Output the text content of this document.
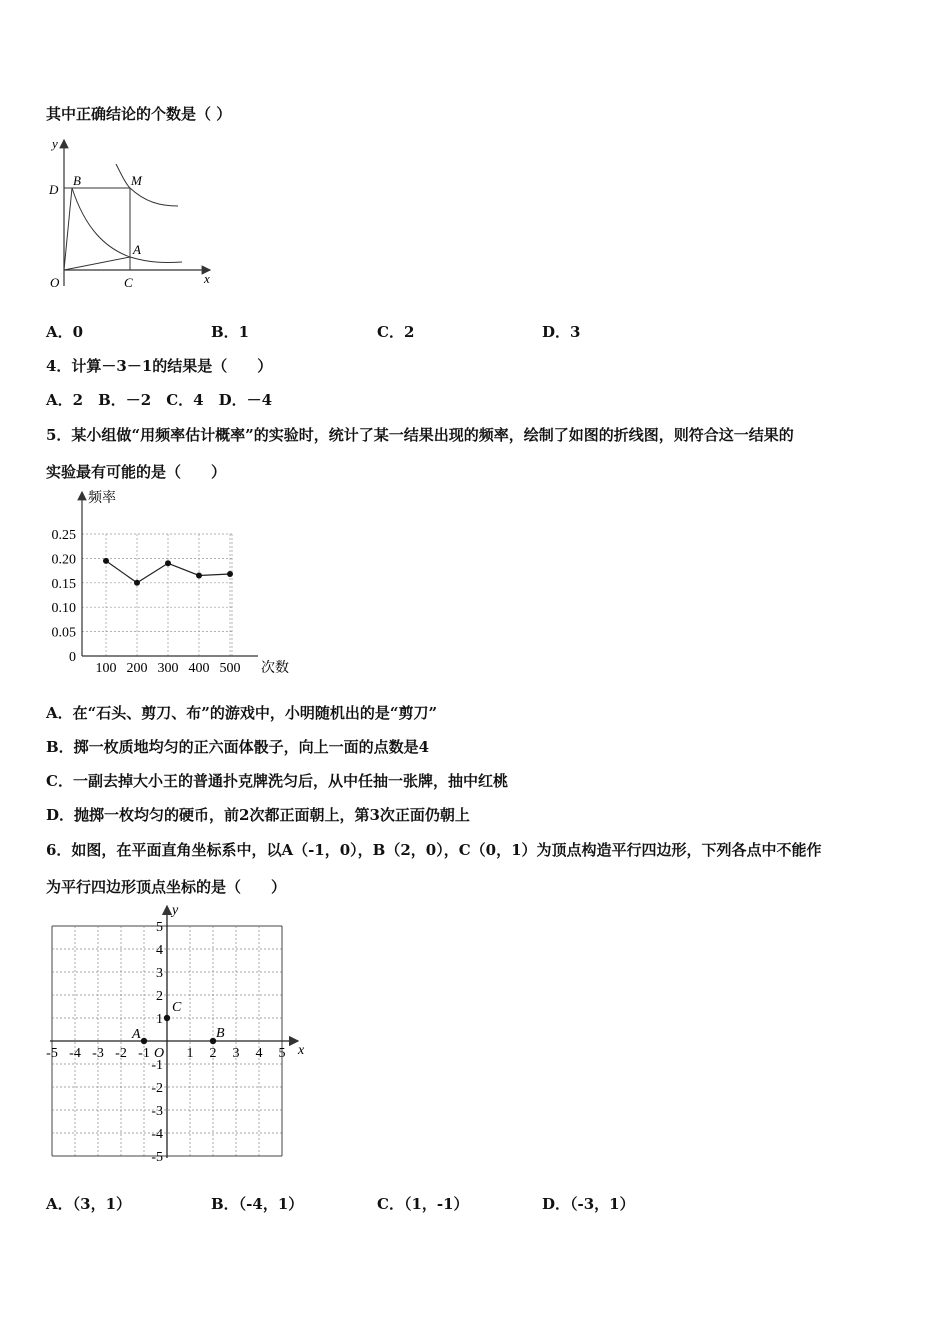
其中正确结论的个数是（ ）
y
x
D
B	M
A
O	C
A．0	B．1	C．2	D．3
4．计算－3－1的结果是（　　）
A．2　B．－2　C．4　D．－4
5．某小组做“用频率估计概率”的实验时，统计了某一结果出现的频率，绘制了如图的折线图，则符合这一结果的
实验最有可能的是（　　）
频率
次数
0
0.05
0.10
0.15
0.20
0.25
100 200 300 400 500
A．在“石头、剪刀、布”的游戏中，小明随机出的是“剪刀”
B．掷一枚质地均匀的正六面体骰子，向上一面的点数是4
C．一副去掉大小王的普通扑克牌洗匀后，从中任抽一张牌，抽中红桃
D．抛掷一枚均匀的硬币，前2次都正面朝上，第3次正面仍朝上
6．如图，在平面直角坐标系中，以A（-1，0），B（2，0），C（0，1）为顶点构造平行四边形，下列各点中不能作
为平行四边形顶点坐标的是（　　）
y
x
O
-5 -4 -3 -2 -1	1 2 3 4 5
5
4
3
2
1
-1
-2
-3
-4
-5
A	B
C
A．（3，1）	B．（-4，1）	C．（1，-1）	D．（-3，1）
